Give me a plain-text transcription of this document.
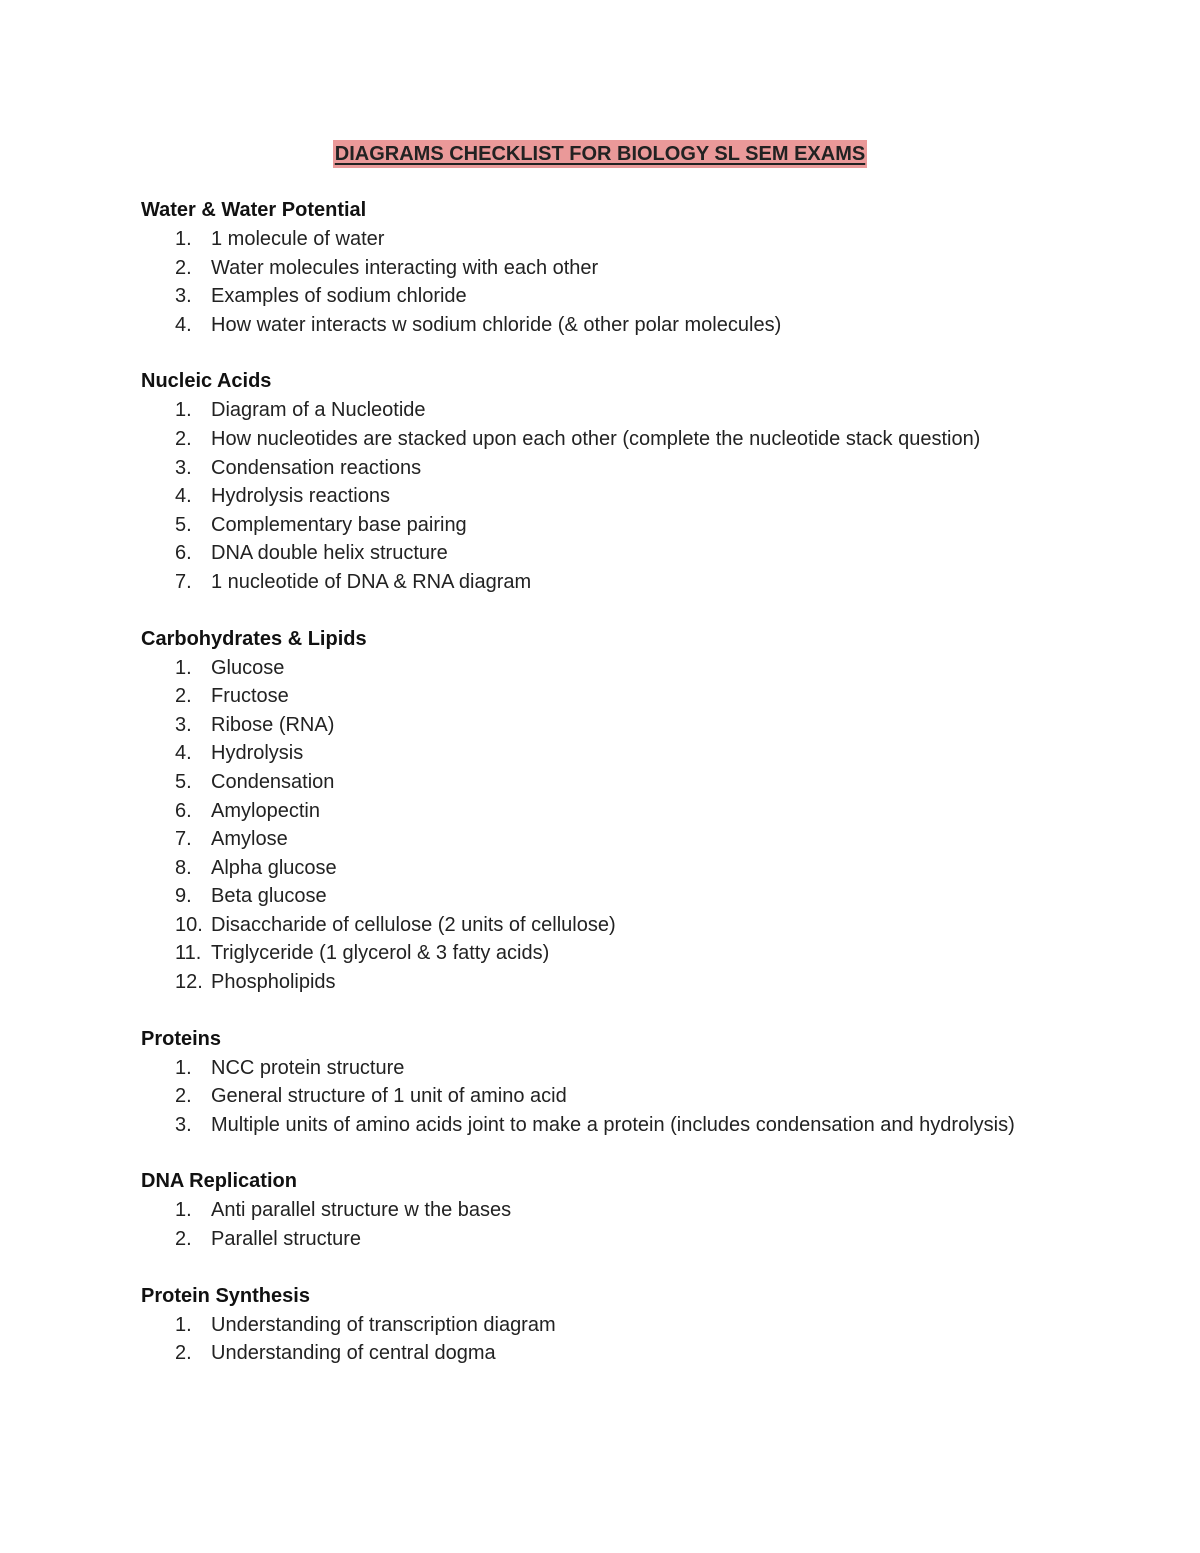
DIAGRAMS CHECKLIST FOR BIOLOGY SL SEM EXAMS
Water & Water Potential
1. 1 molecule of water
2. Water molecules interacting with each other
3. Examples of sodium chloride
4. How water interacts w sodium chloride (& other polar molecules)
Nucleic Acids
1. Diagram of a Nucleotide
2. How nucleotides are stacked upon each other (complete the nucleotide stack question)
3. Condensation reactions
4. Hydrolysis reactions
5. Complementary base pairing
6. DNA double helix structure
7. 1 nucleotide of DNA & RNA diagram
Carbohydrates & Lipids
1. Glucose
2. Fructose
3. Ribose (RNA)
4. Hydrolysis
5. Condensation
6. Amylopectin
7. Amylose
8. Alpha glucose
9. Beta glucose
10. Disaccharide of cellulose (2 units of cellulose)
11. Triglyceride (1 glycerol & 3 fatty acids)
12. Phospholipids
Proteins
1. NCC protein structure
2. General structure of 1 unit of amino acid
3. Multiple units of amino acids joint to make a protein (includes condensation and hydrolysis)
DNA Replication
1. Anti parallel structure w the bases
2. Parallel structure
Protein Synthesis
1. Understanding of transcription diagram
2. Understanding of central dogma
